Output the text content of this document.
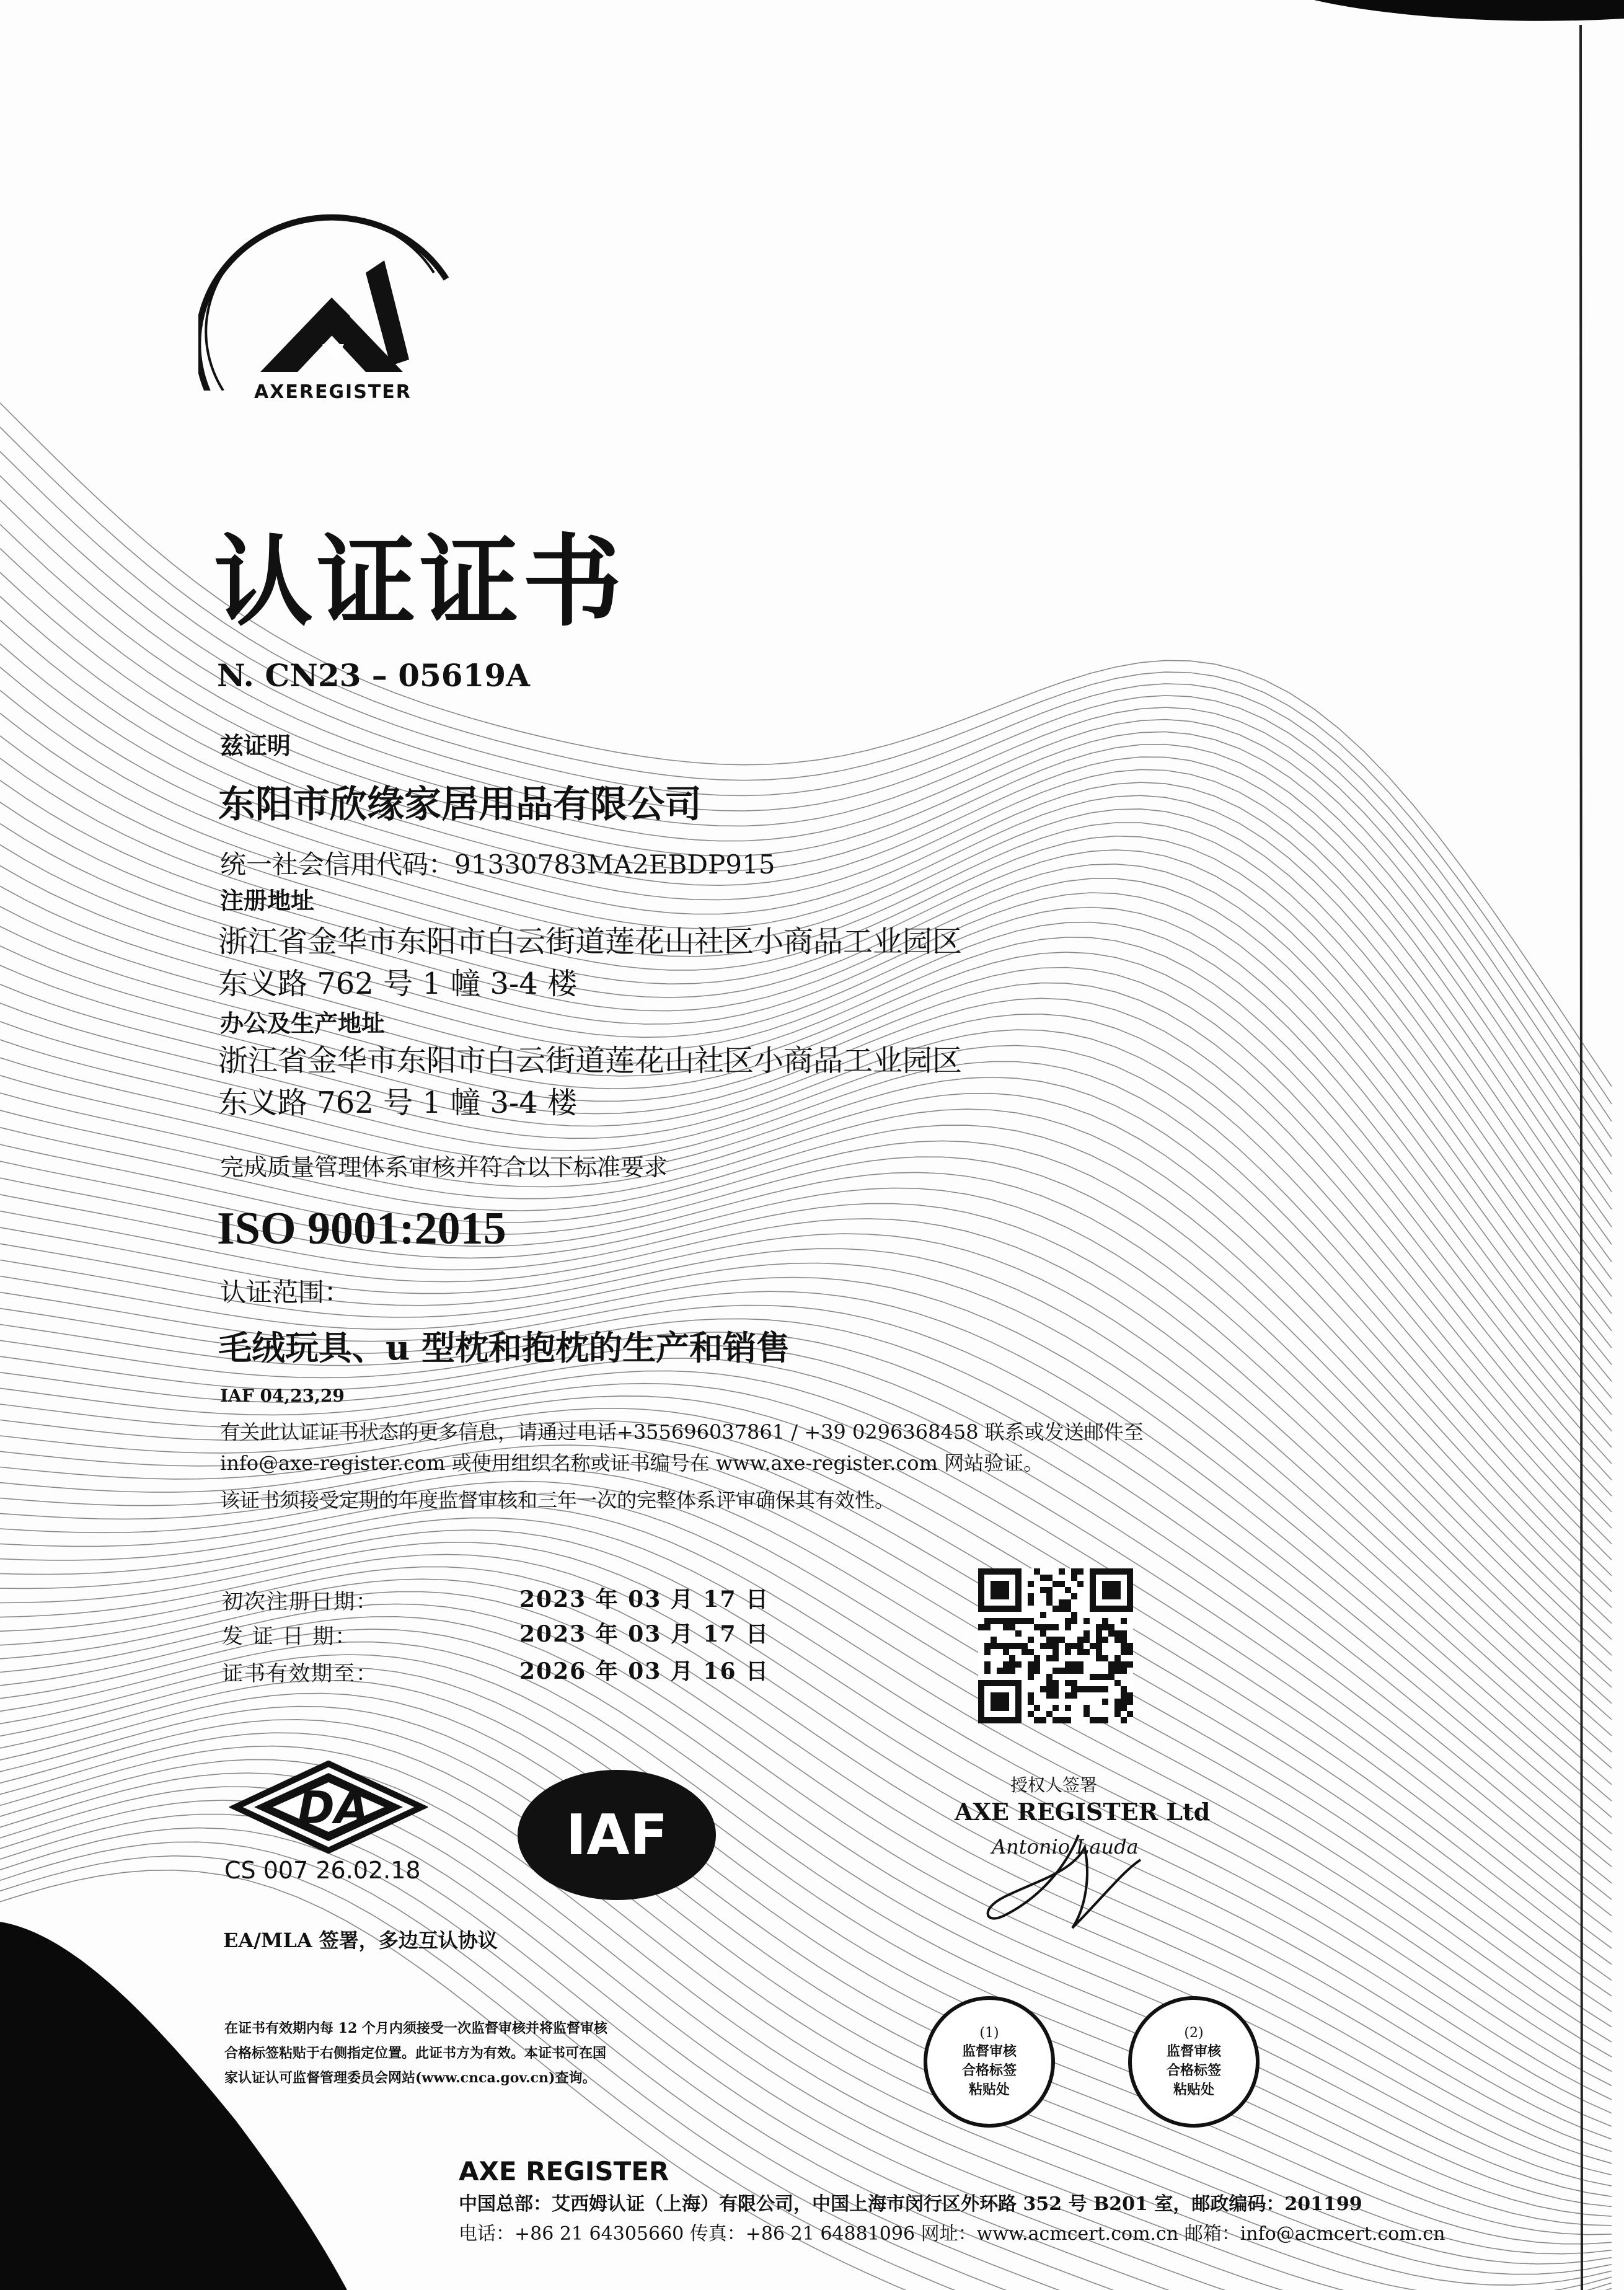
AXEREGISTER
认证证书
N. CN23 – 05619A
兹证明
东阳市欣缘家居用品有限公司
统一社会信用代码：91330783MA2EBDP915
注册地址
浙江省金华市东阳市白云街道莲花山社区小商品工业园区
东义路 762 号 1 幢 3-4 楼
办公及生产地址
浙江省金华市东阳市白云街道莲花山社区小商品工业园区
东义路 762 号 1 幢 3-4 楼
完成质量管理体系审核并符合以下标准要求
ISO 9001:2015
认证范围：
毛绒玩具、u 型枕和抱枕的生产和销售
IAF 04,23,29
有关此认证证书状态的更多信息，请通过电话+355696037861 / +39 0296368458 联系或发送邮件至
info@axe-register.com 或使用组织名称或证书编号在 www.axe-register.com 网站验证。
该证书须接受定期的年度监督审核和三年一次的完整体系评审确保其有效性。
初次注册日期：	2023 年 03 月 17 日
发 证 日 期：	2023 年 03 月 17 日
证书有效期至：	2026 年 03 月 16 日
DA
CS 007 26.02.18
IAF
EA/MLA 签署，多边互认协议
授权人签署
AXE REGISTER Ltd
Antonio Lauda
在证书有效期内每 12 个月内须接受一次监督审核并将监督审核
合格标签粘贴于右侧指定位置。此证书方为有效。本证书可在国
家认证认可监督管理委员会网站(www.cnca.gov.cn)查询。
(1)
监督审核
合格标签
粘贴处
(2)
监督审核
合格标签
粘贴处
AXE REGISTER
中国总部：艾西姆认证（上海）有限公司，中国上海市闵行区外环路 352 号 B201 室，邮政编码：201199
电话：+86 21 64305660 传真：+86 21 64881096 网址：www.acmcert.com.cn 邮箱：info@acmcert.com.cn
